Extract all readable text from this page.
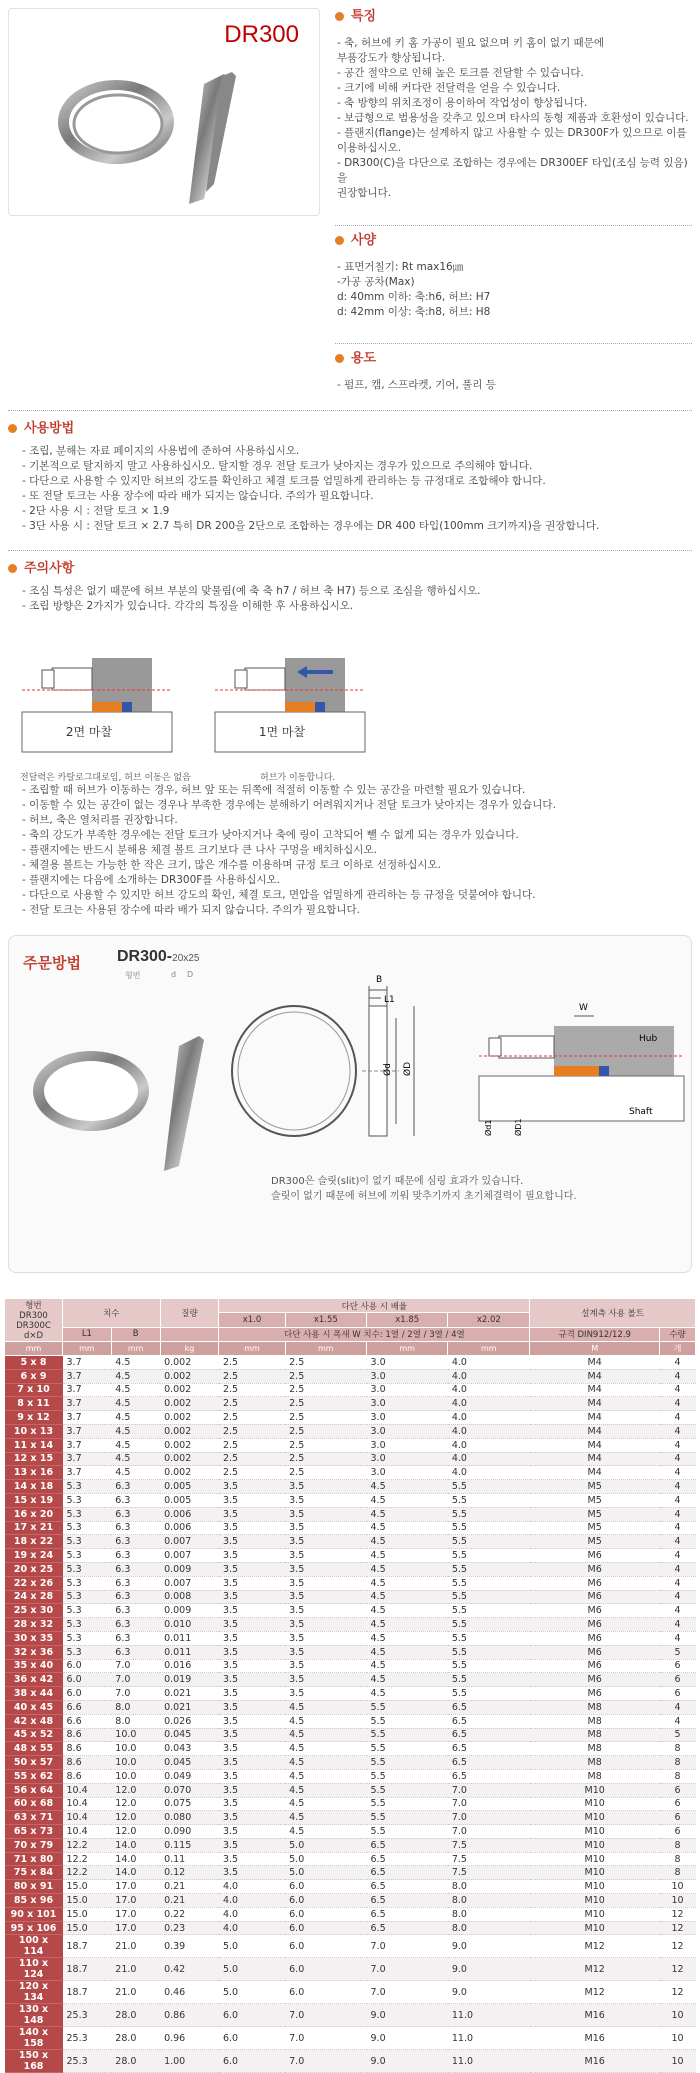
DR300
특징
- 축, 허브에 키 홈 가공이 필요 없으며 키 홈이 없기 때문에
부품강도가 향상됩니다.
- 공간 절약으로 인해 높은 토크를 전달할 수 있습니다.
- 크기에 비해 커다란 전달력을 얻을 수 있습니다.
- 축 방향의 위치조정이 용이하여 작업성이 향상됩니다.
- 보급형으로 범용성을 갖추고 있으며 타사의 동형 제품과 호환성이 있습니다.
- 플랜지(flange)는 설계하지 않고 사용할 수 있는 DR300F가 있으므로 이를 이용하십시오.
- DR300(C)을 다단으로 조합하는 경우에는 DR300EF 타입(조심 능력 있음)을
권장합니다.
사양
- 표면거칠기: Rt max16㎛
-가공 공차(Max)
d: 40mm 이하: 축:h6, 허브: H7
d: 42mm 이상: 축:h8, 허브: H8
용도
- 펌프, 캠, 스프라켓, 기어, 풀리 등
사용방법
- 조립, 분해는 자료 페이지의 사용법에 준하여 사용하십시오.
- 기본적으로 탈지하지 말고 사용하십시오. 탈지할 경우 전달 토크가 낮아지는 경우가 있으므로 주의해야 합니다.
- 다단으로 사용할 수 있지만 허브의 강도를 확인하고 체결 토크를 엄밀하게 관리하는 등 규정대로 조합해야 합니다.
- 또 전달 토크는 사용 장수에 따라 배가 되지는 않습니다. 주의가 필요합니다.
- 2단 사용 시 : 전달 토크 × 1.9
- 3단 사용 시 : 전달 토크 × 2.7 특히 DR 200을 2단으로 조합하는 경우에는 DR 400 타입(100mm 크기까지)을 권장합니다.
주의사항
- 조심 특성은 없기 때문에 허브 부분의 맞물림(예 축 축 h7 / 허브 축 H7) 등으로 조심을 행하십시오.
- 조립 방향은 2가지가 있습니다. 각각의 특징을 이해한 후 사용하십시오.
2면 마찰
전달력은 카탈로그대로임, 허브 이동은 없음
1면 마찰
허브가 이동합니다.
- 조립할 때 허브가 이동하는 경우, 허브 앞 또는 뒤쪽에 적절히 이동할 수 있는 공간을 마련할 필요가 있습니다.
- 이동할 수 있는 공간이 없는 경우나 부족한 경우에는 분해하기 어려워지거나 전달 토크가 낮아지는 경우가 있습니다.
- 허브, 축은 열처리를 권장합니다.
- 축의 강도가 부족한 경우에는 전달 토크가 낮아지거나 축에 링이 고착되어 뺄 수 없게 되는 경우가 있습니다.
- 플랜지에는 반드시 분해용 체결 볼트 크기보다 큰 나사 구멍을 배치하십시오.
- 체결용 볼트는 가능한 한 작은 크기, 많은 개수를 이용하며 규정 토크 이하로 선정하십시오.
- 플랜지에는 다음에 소개하는 DR300F를 사용하십시오.
- 다단으로 사용할 수 있지만 허브 강도의 확인, 체결 토크, 면압을 엄밀하게 관리하는 등 규정을 덧붙여야 합니다.
- 전달 토크는 사용된 장수에 따라 배가 되지 않습니다. 주의가 필요합니다.
주문방법 DR300-20x25
형번	d D
B
L1
Ød ØD
Hub
Shaft
W
Ød1	ØD1
DR300은 슬릿(slit)이 없기 때문에 심링 효과가 있습니다.
슬릿이 없기 때문에 허브에 끼워 맞추기까지 초기체결력이 필요합니다.
형번
DR300
DR300C
d×D	치수		질량	다단 사용 시 배율				설계측 사용 볼트	
				x1.0	x1.55	x1.85	x2.02		
	L1	B		다단 사용 시 폭새 W 치수: 1열 / 2열 / 3열 / 4열				규격 DIN912/12.9	수량
mm	mm	mm	kg	mm	mm	mm	mm	M	개
5 x 8	3.7	4.5	0.002	2.5	2.5	3.0	4.0	M4	4
6 x 9	3.7	4.5	0.002	2.5	2.5	3.0	4.0	M4	4
7 x 10	3.7	4.5	0.002	2.5	2.5	3.0	4.0	M4	4
8 x 11	3.7	4.5	0.002	2.5	2.5	3.0	4.0	M4	4
9 x 12	3.7	4.5	0.002	2.5	2.5	3.0	4.0	M4	4
10 x 13	3.7	4.5	0.002	2.5	2.5	3.0	4.0	M4	4
11 x 14	3.7	4.5	0.002	2.5	2.5	3.0	4.0	M4	4
12 x 15	3.7	4.5	0.002	2.5	2.5	3.0	4.0	M4	4
13 x 16	3.7	4.5	0.002	2.5	2.5	3.0	4.0	M4	4
14 x 18	5.3	6.3	0.005	3.5	3.5	4.5	5.5	M5	4
15 x 19	5.3	6.3	0.005	3.5	3.5	4.5	5.5	M5	4
16 x 20	5.3	6.3	0.006	3.5	3.5	4.5	5.5	M5	4
17 x 21	5.3	6.3	0.006	3.5	3.5	4.5	5.5	M5	4
18 x 22	5.3	6.3	0.007	3.5	3.5	4.5	5.5	M5	4
19 x 24	5.3	6.3	0.007	3.5	3.5	4.5	5.5	M6	4
20 x 25	5.3	6.3	0.009	3.5	3.5	4.5	5.5	M6	4
22 x 26	5.3	6.3	0.007	3.5	3.5	4.5	5.5	M6	4
24 x 28	5.3	6.3	0.008	3.5	3.5	4.5	5.5	M6	4
25 x 30	5.3	6.3	0.009	3.5	3.5	4.5	5.5	M6	4
28 x 32	5.3	6.3	0.010	3.5	3.5	4.5	5.5	M6	4
30 x 35	5.3	6.3	0.011	3.5	3.5	4.5	5.5	M6	4
32 x 36	5.3	6.3	0.011	3.5	3.5	4.5	5.5	M6	5
35 x 40	6.0	7.0	0.016	3.5	3.5	4.5	5.5	M6	6
36 x 42	6.0	7.0	0.019	3.5	3.5	4.5	5.5	M6	6
38 x 44	6.0	7.0	0.021	3.5	3.5	4.5	5.5	M6	6
40 x 45	6.6	8.0	0.021	3.5	4.5	5.5	6.5	M8	4
42 x 48	6.6	8.0	0.026	3.5	4.5	5.5	6.5	M8	4
45 x 52	8.6	10.0	0.045	3.5	4.5	5.5	6.5	M8	5
48 x 55	8.6	10.0	0.043	3.5	4.5	5.5	6.5	M8	8
50 x 57	8.6	10.0	0.045	3.5	4.5	5.5	6.5	M8	8
55 x 62	8.6	10.0	0.049	3.5	4.5	5.5	6.5	M8	8
56 x 64	10.4	12.0	0.070	3.5	4.5	5.5	7.0	M10	6
60 x 68	10.4	12.0	0.075	3.5	4.5	5.5	7.0	M10	6
63 x 71	10.4	12.0	0.080	3.5	4.5	5.5	7.0	M10	6
65 x 73	10.4	12.0	0.090	3.5	4.5	5.5	7.0	M10	6
70 x 79	12.2	14.0	0.115	3.5	5.0	6.5	7.5	M10	8
71 x 80	12.2	14.0	0.11	3.5	5.0	6.5	7.5	M10	8
75 x 84	12.2	14.0	0.12	3.5	5.0	6.5	7.5	M10	8
80 x 91	15.0	17.0	0.21	4.0	6.0	6.5	8.0	M10	10
85 x 96	15.0	17.0	0.21	4.0	6.0	6.5	8.0	M10	10
90 x 101	15.0	17.0	0.22	4.0	6.0	6.5	8.0	M10	12
95 x 106	15.0	17.0	0.23	4.0	6.0	6.5	8.0	M10	12
100 x 114	18.7	21.0	0.39	5.0	6.0	7.0	9.0	M12	12
110 x 124	18.7	21.0	0.42	5.0	6.0	7.0	9.0	M12	12
120 x 134	18.7	21.0	0.46	5.0	6.0	7.0	9.0	M12	12
130 x 148	25.3	28.0	0.86	6.0	7.0	9.0	11.0	M16	10
140 x 158	25.3	28.0	0.96	6.0	7.0	9.0	11.0	M16	10
150 x 168	25.3	28.0	1.00	6.0	7.0	9.0	11.0	M16	10
